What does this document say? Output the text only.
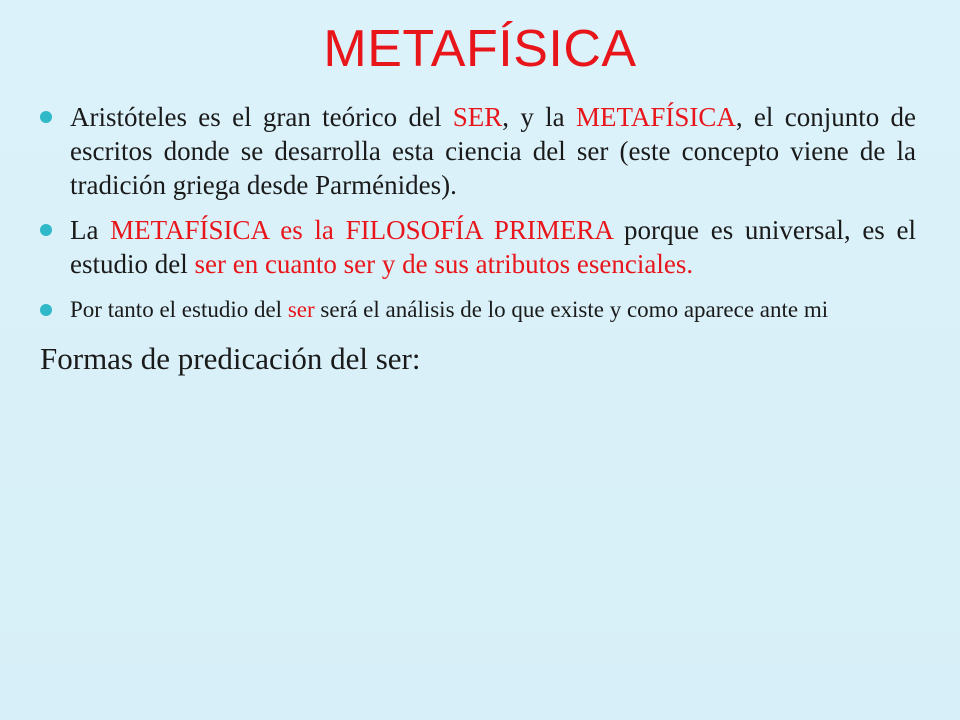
METAFÍSICA
Aristóteles es el gran teórico del SER, y la METAFÍSICA, el conjunto de escritos donde se desarrolla esta ciencia del ser (este concepto viene de la tradición griega desde Parménides).
La METAFÍSICA es la FILOSOFÍA PRIMERA porque es universal, es el estudio del ser en cuanto ser y de sus atributos esenciales.
Por tanto el estudio del ser será el análisis de lo que existe y como aparece ante mi
Formas de predicación del ser:
